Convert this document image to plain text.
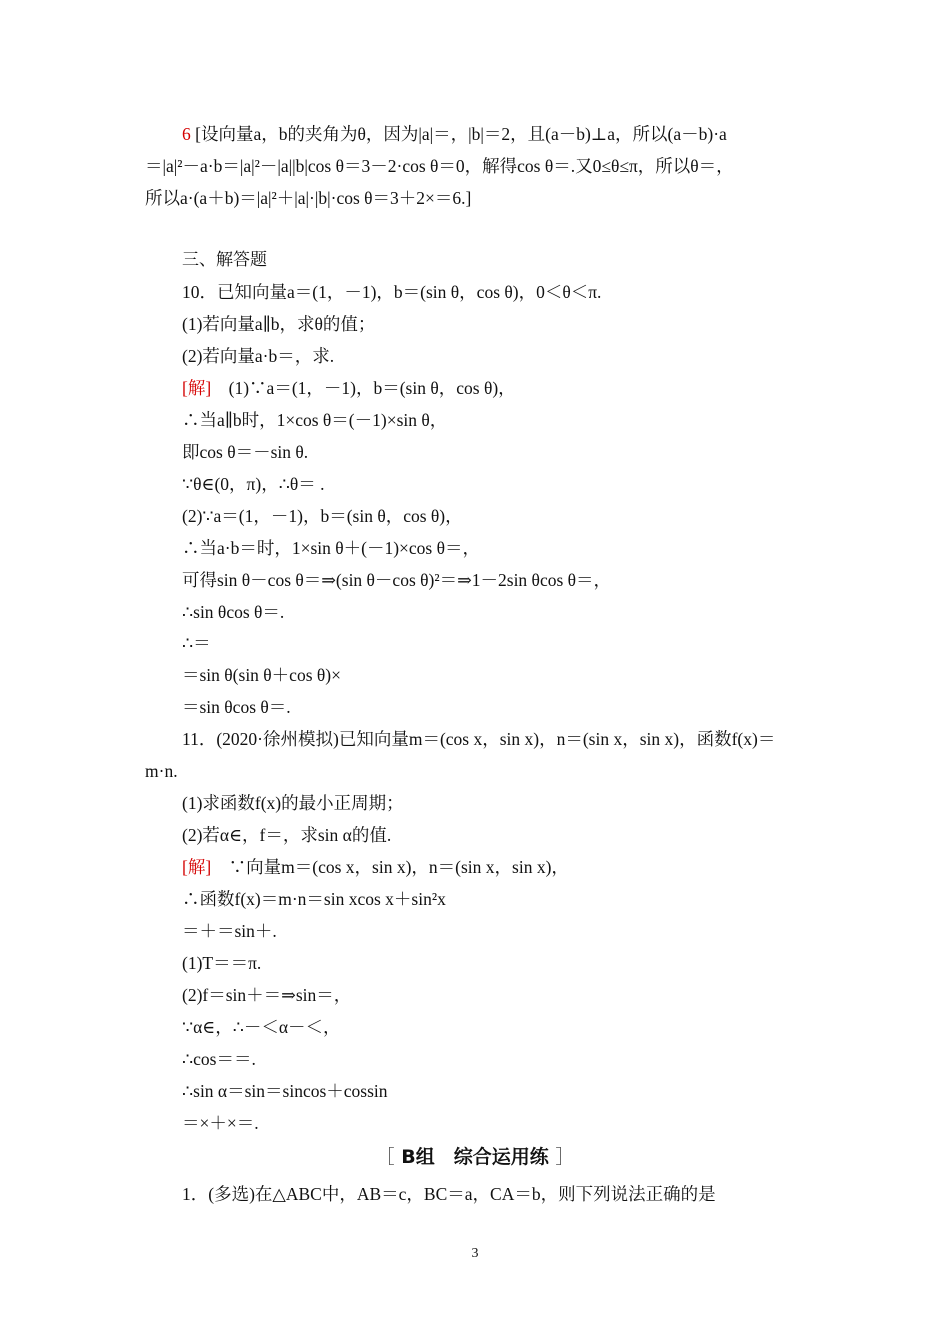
6 [设向量a，b的夹角为θ，因为|a|＝，|b|＝2，且(a－b)⊥a，所以(a－b)·a
＝|a|²－a·b＝|a|²－|a||b|cos θ＝3－2·cos θ＝0，解得cos θ＝.又0≤θ≤π，所以θ＝，
所以a·(a＋b)＝|a|²＋|a|·|b|·cos θ＝3＋2×＝6.]
三、解答题
10．已知向量a＝(1，－1)，b＝(sin θ，cos θ)，0＜θ＜π.
(1)若向量a∥b，求θ的值；
(2)若向量a·b＝，求.
[解]　(1)∵a＝(1，－1)，b＝(sin θ，cos θ)，
∴当a∥b时，1×cos θ＝(－1)×sin θ，
即cos θ＝－sin θ.
∵θ∈(0，π)，∴θ＝ .
(2)∵a＝(1，－1)，b＝(sin θ，cos θ)，
∴当a·b＝时，1×sin θ＋(－1)×cos θ＝，
可得sin θ－cos θ＝⇒(sin θ－cos θ)²＝⇒1－2sin θcos θ＝，
∴sin θcos θ＝.
∴＝
＝sin θ(sin θ＋cos θ)×
＝sin θcos θ＝.
11．(2020·徐州模拟)已知向量m＝(cos x，sin x)，n＝(sin x，sin x)，函数f(x)＝
m·n.
(1)求函数f(x)的最小正周期；
(2)若α∈，f＝，求sin α的值.
[解]　∵向量m＝(cos x，sin x)，n＝(sin x，sin x)，
∴函数f(x)＝m·n＝sin xcos x＋sin²x
＝＋＝sin＋.
(1)T＝＝π.
(2)f＝sin＋＝⇒sin＝，
∵α∈，∴－＜α－＜，
∴cos＝＝.
∴sin α＝sin＝sincos＋cossin
＝×＋×＝.
1．(多选)在△ABC中，AB＝c，BC＝a，CA＝b，则下列说法正确的是
［ B组　综合运用练 ］
3
